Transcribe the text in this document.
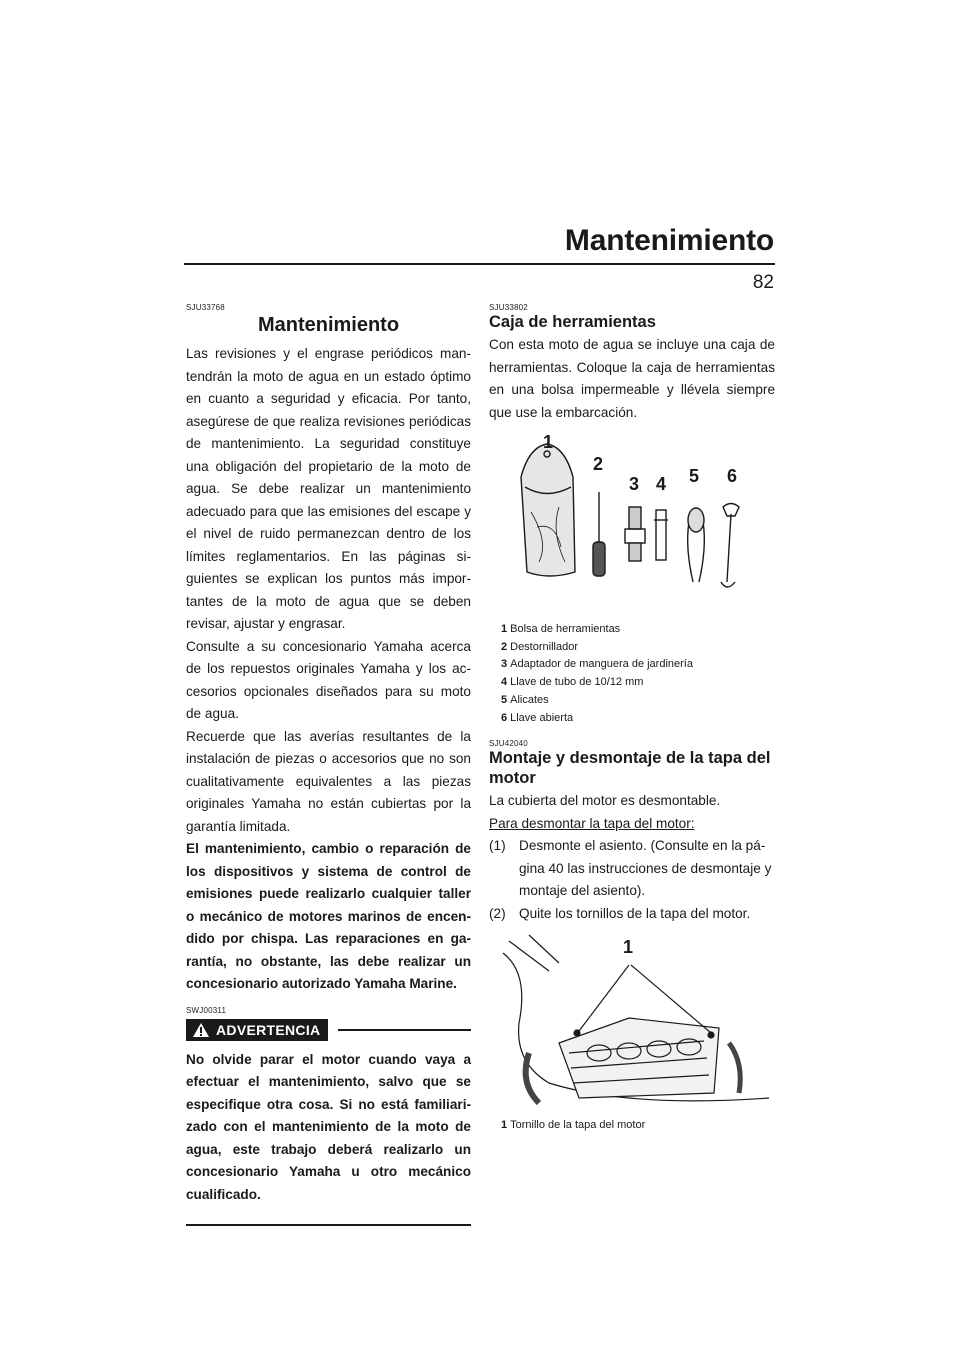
Mantenimiento
82
SJU33768
Mantenimiento

Las revisiones y el engrase periódicos mantendrán la moto de agua en un estado óptimo en cuanto a seguridad y eficacia. Por tanto, asegúrese de que realiza revisiones periódicas de mantenimiento. La seguridad constituye una obligación del propietario de la moto de agua. Se debe realizar un mantenimiento adecuado para que las emisiones del escape y el nivel de ruido permanezcan dentro de los límites reglamentarios. En las páginas siguientes se explican los puntos más importantes de la moto de agua que se deben revisar, ajustar y engrasar.

Consulte a su concesionario Yamaha acerca de los repuestos originales Yamaha y los accesorios opcionales diseñados para su moto de agua.

Recuerde que las averías resultantes de la instalación de piezas o accesorios que no son cualitativamente equivalentes a las piezas originales Yamaha no están cubiertas por la garantía limitada.

El mantenimiento, cambio o reparación de los dispositivos y sistema de control de emisiones puede realizarlo cualquier taller o mecánico de motores marinos de encendido por chispa. Las reparaciones en garantía, no obstante, las debe realizar un concesionario autorizado Yamaha Marine.

SWJ00311
ADVERTENCIA

No olvide parar el motor cuando vaya a efectuar el mantenimiento, salvo que se especifique otra cosa. Si no está familiarizado con el mantenimiento de la moto de agua, este trabajo deberá realizarlo un concesionario Yamaha u otro mecánico cualificado.

SJU33802
Caja de herramientas

Con esta moto de agua se incluye una caja de herramientas. Coloque la caja de herramientas en una bolsa impermeable y llévela siempre que use la embarcación.

1
2
3 4 5 6
1 Bolsa de herramientas
2 Destornillador
3 Adaptador de manguera de jardinería
4 Llave de tubo de 10/12 mm
5 Alicates
6 Llave abierta
SJU42040
Montaje y desmontaje de la tapa del motor

La cubierta del motor es desmontable.

Para desmontar la tapa del motor:

(1) Desmonte el asiento. (Consulte en la página 40 las instrucciones de desmontaje y montaje del asiento).
(2) Quite los tornillos de la tapa del motor.
1
1 Tornillo de la tapa del motor
